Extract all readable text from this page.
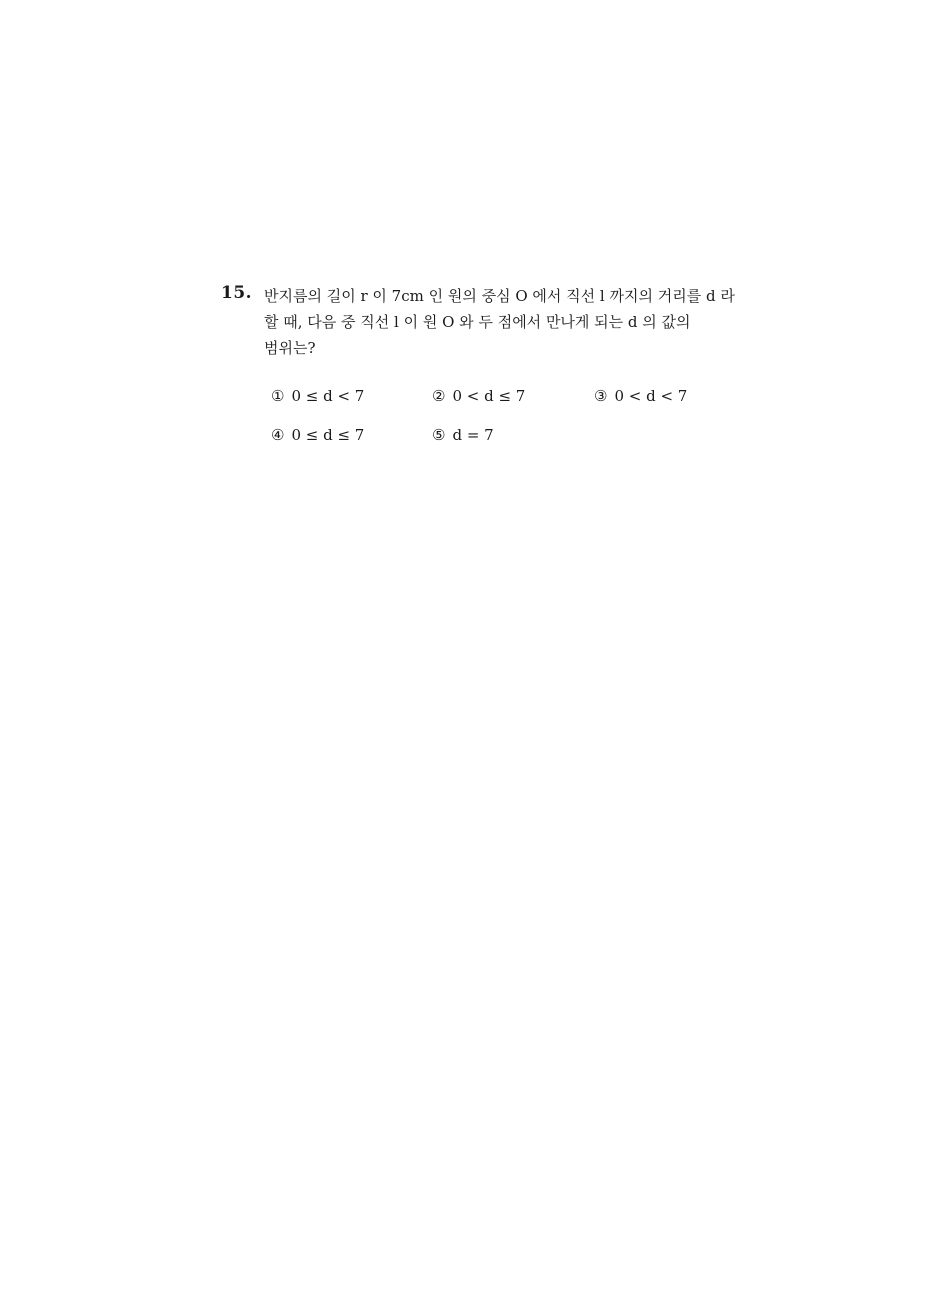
15. 반지름의 길이 r 이 7cm 인 원의 중심 O 에서 직선 l 까지의 거리를 d 라
할 때, 다음 중 직선 l 이 원 O 와 두 점에서 만나게 되는 d 의 값의
범위는?
① 0 ≤ d < 7	② 0 < d ≤ 7	③ 0 < d < 7
④ 0 ≤ d ≤ 7	⑤ d = 7
